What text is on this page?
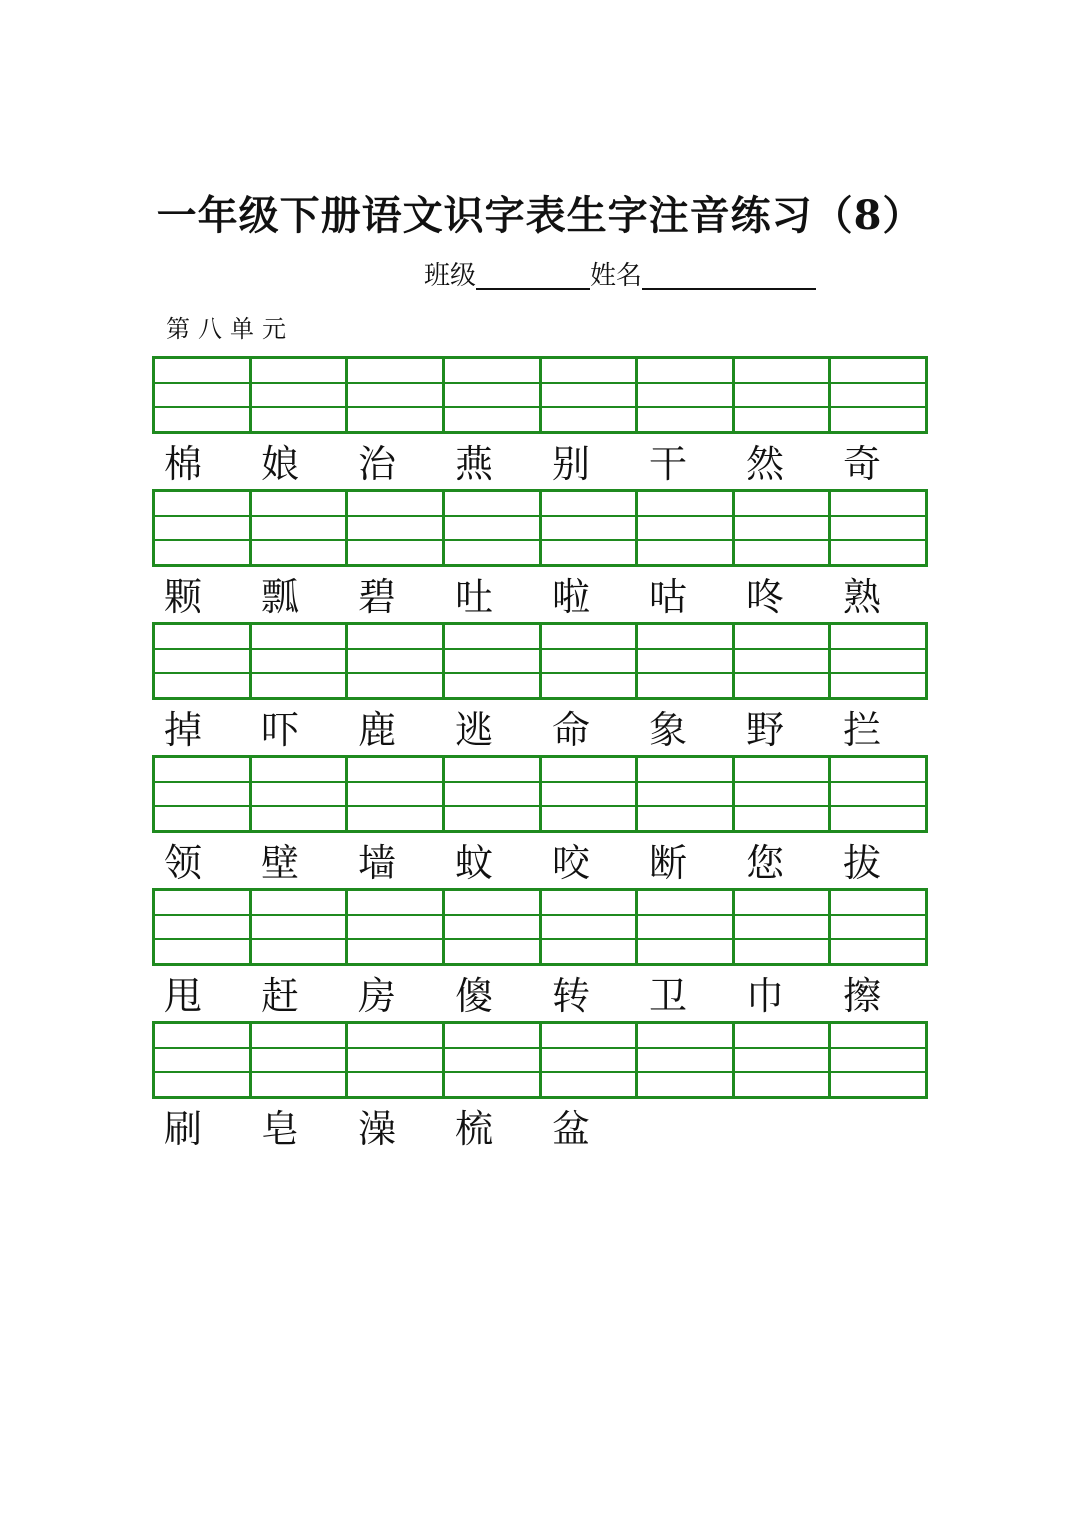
一年级下册语文识字表生字注音练习（8）
班级	姓名
第八单元
棉	娘	治	燕	别	干	然	奇
颗	瓢	碧	吐	啦	咕	咚	熟
掉	吓	鹿	逃	命	象	野	拦
领	壁	墙	蚊	咬	断	您	拔
甩	赶	房	傻	转	卫	巾	擦
刷	皂	澡	梳	盆
